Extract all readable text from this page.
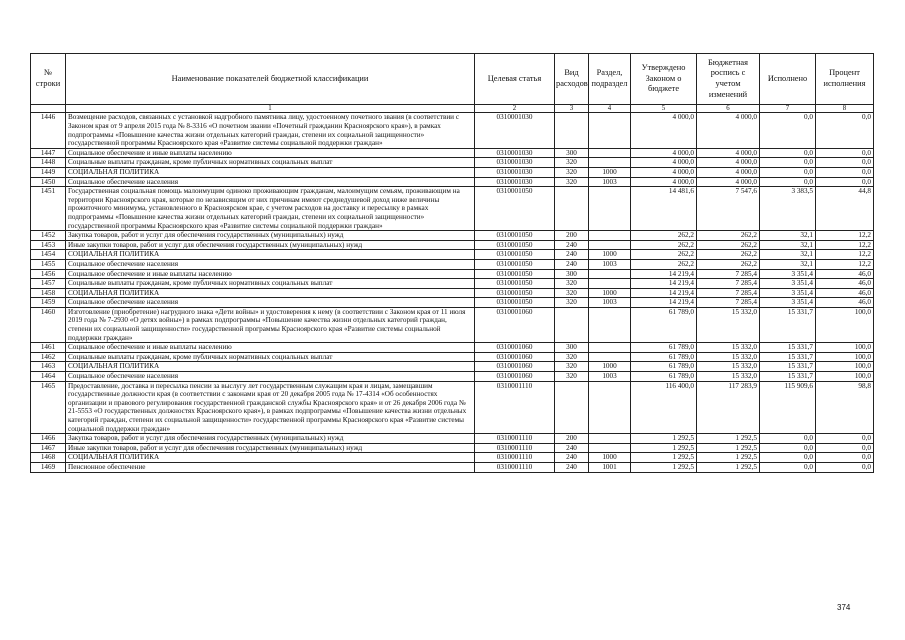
№ строки	Наименование показателей бюджетной классификации	Целевая статья	Вид расходов	Раздел, подраздел	Утверждено Законом о бюджете	Бюджетная роспись с учетом изменений	Исполнено	Процент исполнения
	1	2	3	4	5	6	7	8
1446	Возмещение расходов, связанных с установкой надгробного памятника лицу, удостоенному почетного звания (в соответствии с Законом края от 9 апреля 2015 года № 8-3316 «О почетном звании «Почетный гражданин Красноярского края»), в рамках подпрограммы «Повышение качества жизни отдельных категорий граждан, степени их социальной защищенности» государственной программы Красноярского края «Развитие системы социальной поддержки граждан»	0310001030			4 000,0	4 000,0	0,0	0,0
1447	Социальное обеспечение и иные выплаты населению	0310001030	300		4 000,0	4 000,0	0,0	0,0
1448	Социальные выплаты гражданам, кроме публичных нормативных социальных выплат	0310001030	320		4 000,0	4 000,0	0,0	0,0
1449	СОЦИАЛЬНАЯ ПОЛИТИКА	0310001030	320	1000	4 000,0	4 000,0	0,0	0,0
1450	Социальное обеспечение населения	0310001030	320	1003	4 000,0	4 000,0	0,0	0,0
1451	Государственная социальная помощь малоимущим одиноко проживающим гражданам, малоимущим семьям, проживающим на территории Красноярского края, которые по независящим от них причинам имеют среднедушевой доход ниже величины прожиточного минимума, установленного в Красноярском крае, с учетом расходов на доставку и пересылку в рамках подпрограммы «Повышение качества жизни отдельных категорий граждан, степени их социальной защищенности» государственной программы Красноярского края «Развитие системы социальной поддержки граждан»	0310001050			14 481,6	7 547,6	3 383,5	44,8
1452	Закупка товаров, работ и услуг для обеспечения государственных (муниципальных) нужд	0310001050	200		262,2	262,2	32,1	12,2
1453	Иные закупки товаров, работ и услуг для обеспечения государственных (муниципальных) нужд	0310001050	240		262,2	262,2	32,1	12,2
1454	СОЦИАЛЬНАЯ ПОЛИТИКА	0310001050	240	1000	262,2	262,2	32,1	12,2
1455	Социальное обеспечение населения	0310001050	240	1003	262,2	262,2	32,1	12,2
1456	Социальное обеспечение и иные выплаты населению	0310001050	300		14 219,4	7 285,4	3 351,4	46,0
1457	Социальные выплаты гражданам, кроме публичных нормативных социальных выплат	0310001050	320		14 219,4	7 285,4	3 351,4	46,0
1458	СОЦИАЛЬНАЯ ПОЛИТИКА	0310001050	320	1000	14 219,4	7 285,4	3 351,4	46,0
1459	Социальное обеспечение населения	0310001050	320	1003	14 219,4	7 285,4	3 351,4	46,0
1460	Изготовление (приобретение) нагрудного знака «Дети войны» и удостоверения к нему (в соответствии с Законом края от 11 июля 2019 года № 7-2930 «О детях войны») в рамках подпрограммы «Повышение качества жизни отдельных категорий граждан, степени их социальной защищенности» государственной программы Красноярского края «Развитие системы социальной поддержки граждан»	0310001060			61 789,0	15 332,0	15 331,7	100,0
1461	Социальное обеспечение и иные выплаты населению	0310001060	300		61 789,0	15 332,0	15 331,7	100,0
1462	Социальные выплаты гражданам, кроме публичных нормативных социальных выплат	0310001060	320		61 789,0	15 332,0	15 331,7	100,0
1463	СОЦИАЛЬНАЯ ПОЛИТИКА	0310001060	320	1000	61 789,0	15 332,0	15 331,7	100,0
1464	Социальное обеспечение населения	0310001060	320	1003	61 789,0	15 332,0	15 331,7	100,0
1465	Предоставление, доставка и пересылка пенсии за выслугу лет государственным служащим края и лицам, замещавшим государственные должности края (в соответствии с законами края от 20 декабря 2005 года № 17-4314 «Об особенностях организации и правового регулирования государственной гражданской службы Красноярского края» и от 26 декабря 2006 года № 21-5553 «О государственных должностях Красноярского края»), в рамках подпрограммы «Повышение качества жизни отдельных категорий граждан, степени их социальной защищенности» государственной программы Красноярского края «Развитие системы социальной поддержки граждан»	0310001110			116 400,0	117 283,9	115 909,6	98,8
1466	Закупка товаров, работ и услуг для обеспечения государственных (муниципальных) нужд	0310001110	200		1 292,5	1 292,5	0,0	0,0
1467	Иные закупки товаров, работ и услуг для обеспечения государственных (муниципальных) нужд	0310001110	240		1 292,5	1 292,5	0,0	0,0
1468	СОЦИАЛЬНАЯ ПОЛИТИКА	0310001110	240	1000	1 292,5	1 292,5	0,0	0,0
1469	Пенсионное обеспечение	0310001110	240	1001	1 292,5	1 292,5	0,0	0,0
374
